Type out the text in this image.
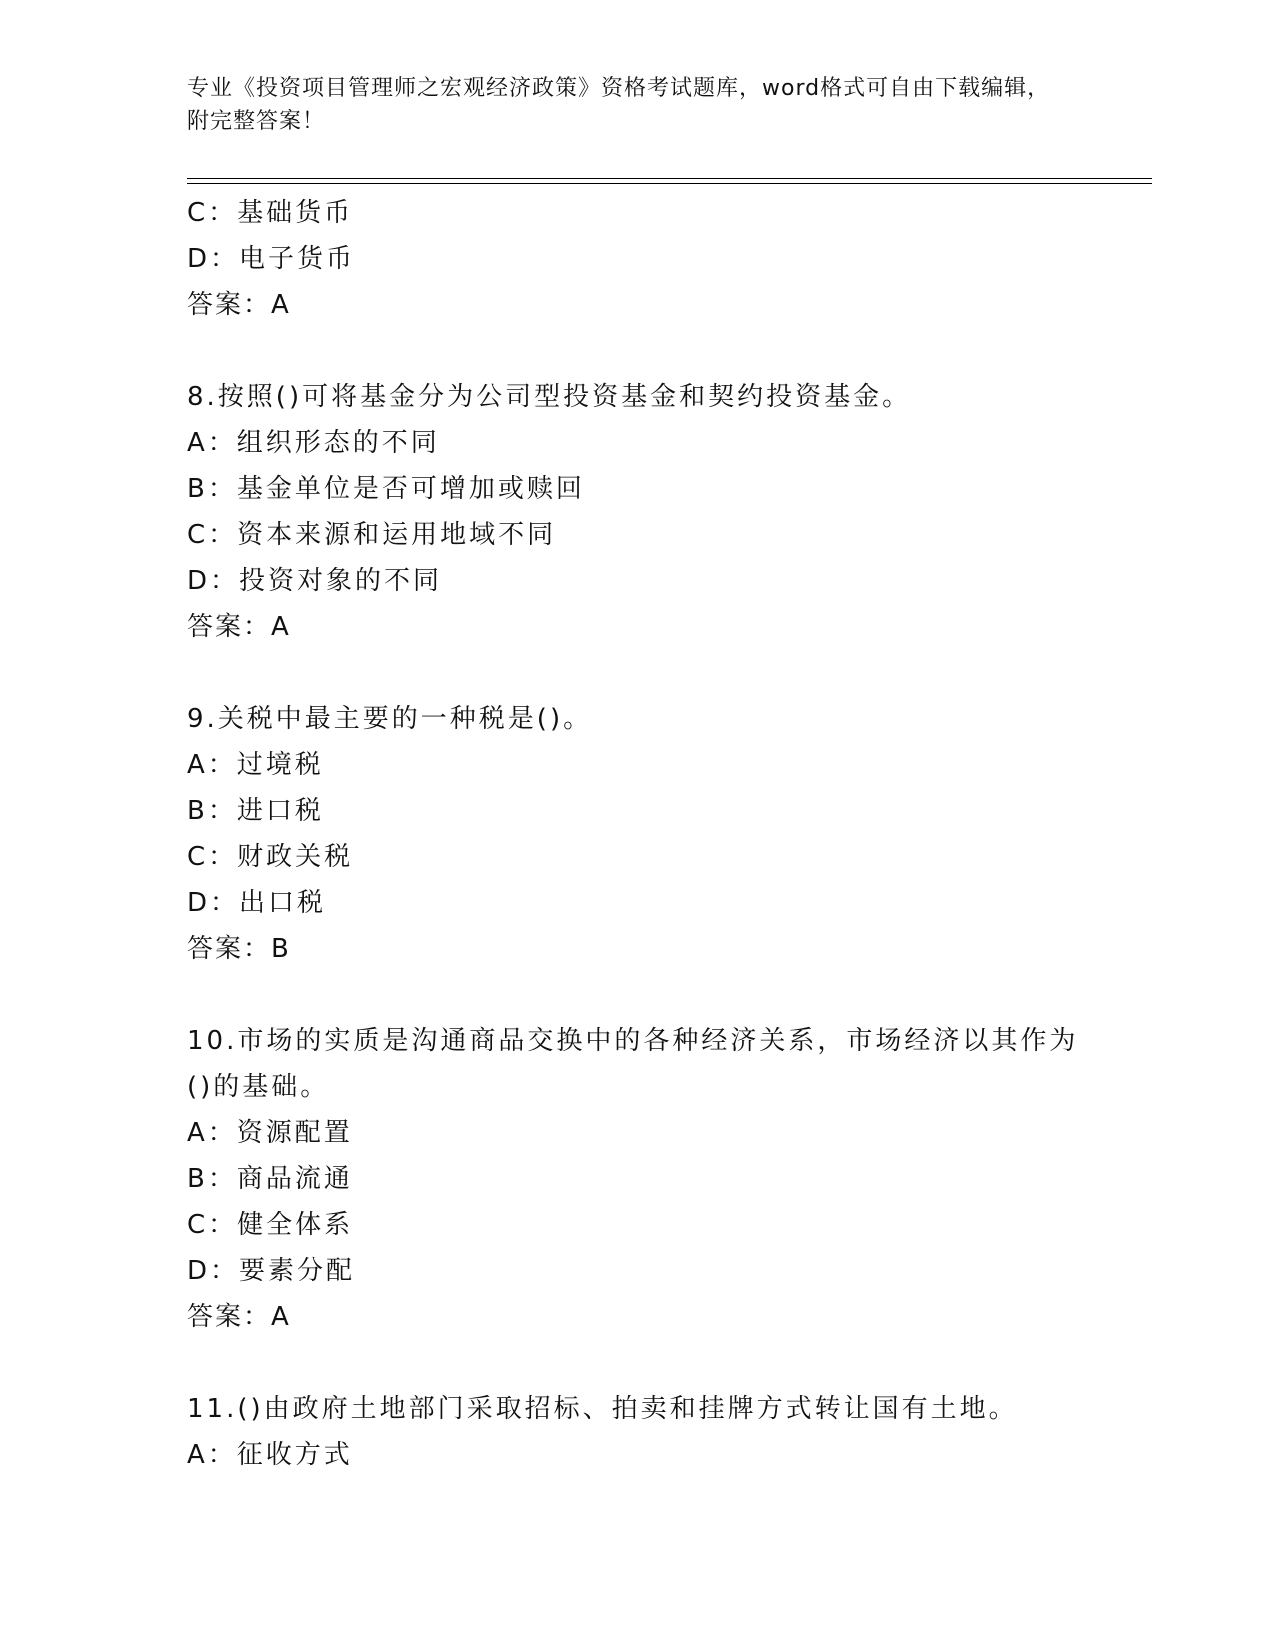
专业《投资项目管理师之宏观经济政策》资格考试题库，word格式可自由下载编辑，附完整答案！
C：基础货币
D：电子货币
答案：A
8.按照()可将基金分为公司型投资基金和契约投资基金。
A：组织形态的不同
B：基金单位是否可增加或赎回
C：资本来源和运用地域不同
D：投资对象的不同
答案：A
9.关税中最主要的一种税是()。
A：过境税
B：进口税
C：财政关税
D：出口税
答案：B
10.市场的实质是沟通商品交换中的各种经济关系，市场经济以其作为()的基础。
A：资源配置
B：商品流通
C：健全体系
D：要素分配
答案：A
11.()由政府土地部门采取招标、拍卖和挂牌方式转让国有土地。
A：征收方式
